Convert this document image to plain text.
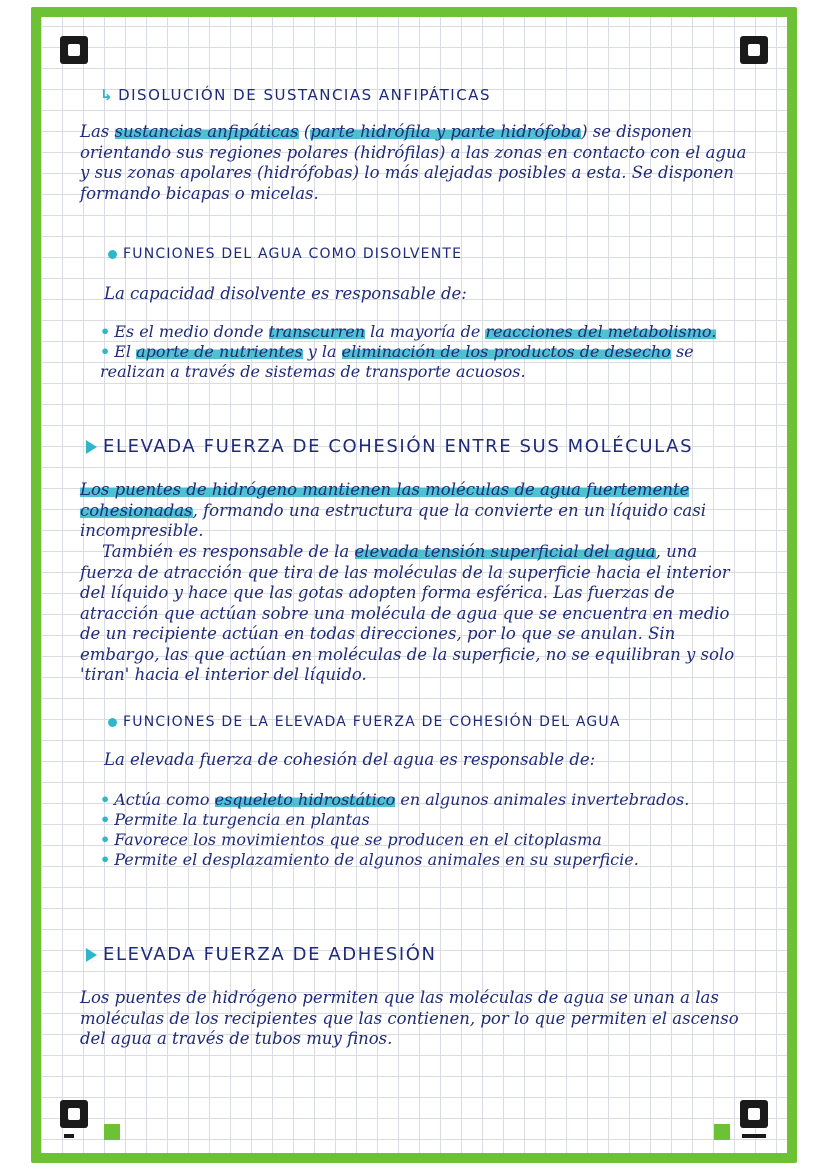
↳ DISOLUCIÓN DE SUSTANCIAS ANFIPÁTICAS

Las sustancias anfipáticas (parte hidrófila y parte hidrófoba) se disponen orientando sus regiones polares (hidrófilas) a las zonas en contacto con el agua y sus zonas apolares (hidrófobas) lo más alejadas posibles a esta. Se disponen formando bicapas o micelas.

FUNCIONES DEL AGUA COMO DISOLVENTE

La capacidad disolvente es responsable de:

• Es el medio donde transcurren la mayoría de reacciones del metabolismo.
• El aporte de nutrientes y la eliminación de los productos de desecho se realizan a través de sistemas de transporte acuosos.
ELEVADA FUERZA DE COHESIÓN ENTRE SUS MOLÉCULAS

Los puentes de hidrógeno mantienen las moléculas de agua fuertemente cohesionadas, formando una estructura que la convierte en un líquido casi incompresible.

También es responsable de la elevada tensión superficial del agua, una fuerza de atracción que tira de las moléculas de la superficie hacia el interior del líquido y hace que las gotas adopten forma esférica. Las fuerzas de atracción que actúan sobre una molécula de agua que se encuentra en medio de un recipiente actúan en todas direcciones, por lo que se anulan. Sin embargo, las que actúan en moléculas de la superficie, no se equilibran y solo 'tiran' hacia el interior del líquido.

FUNCIONES DE LA ELEVADA FUERZA DE COHESIÓN DEL AGUA

La elevada fuerza de cohesión del agua es responsable de:

• Actúa como esqueleto hidrostático en algunos animales invertebrados.
• Permite la turgencia en plantas
• Favorece los movimientos que se producen en el citoplasma
• Permite el desplazamiento de algunos animales en su superficie.
ELEVADA FUERZA DE ADHESIÓN

Los puentes de hidrógeno permiten que las moléculas de agua se unan a las moléculas de los recipientes que las contienen, por lo que permiten el ascenso del agua a través de tubos muy finos.
